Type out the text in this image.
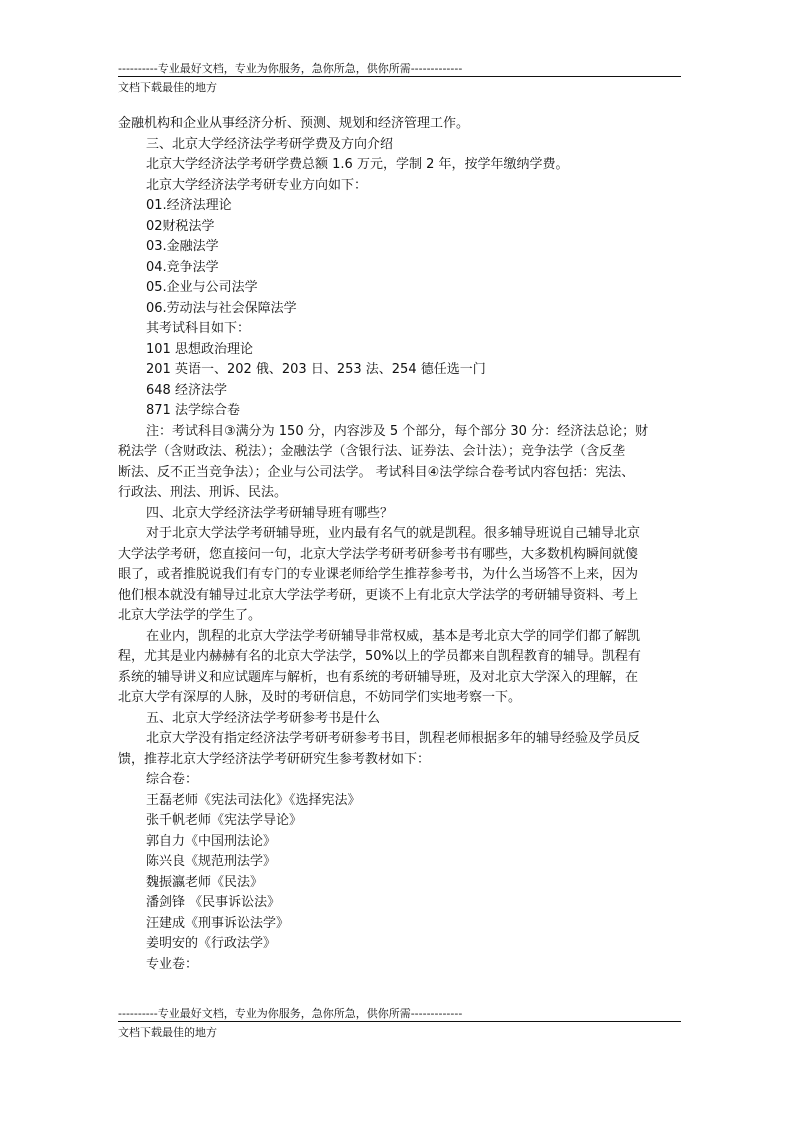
----------专业最好文档，专业为你服务，急你所急，供你所需-------------
文档下载最佳的地方
金融机构和企业从事经济分析、预测、规划和经济管理工作。
三、北京大学经济法学考研学费及方向介绍
北京大学经济法学考研学费总额 1.6 万元，学制 2 年，按学年缴纳学费。
北京大学经济法学考研专业方向如下：
01.经济法理论
02财税法学
03.金融法学
04.竞争法学
05.企业与公司法学
06.劳动法与社会保障法学
其考试科目如下：
101 思想政治理论
201 英语一、202 俄、203 日、253 法、254 德任选一门
648 经济法学
871 法学综合卷
注：考试科目③满分为 150 分，内容涉及 5 个部分，每个部分 30 分：经济法总论；财
税法学（含财政法、税法）；金融法学（含银行法、证券法、会计法）；竞争法学（含反垄
断法、反不正当竞争法）；企业与公司法学。 考试科目④法学综合卷考试内容包括：宪法、
行政法、刑法、刑诉、民法。
四、北京大学经济法学考研辅导班有哪些？
对于北京大学法学考研辅导班，业内最有名气的就是凯程。很多辅导班说自己辅导北京
大学法学考研，您直接问一句，北京大学法学考研考研参考书有哪些，大多数机构瞬间就傻
眼了，或者推脱说我们有专门的专业课老师给学生推荐参考书，为什么当场答不上来，因为
他们根本就没有辅导过北京大学法学考研，更谈不上有北京大学法学的考研辅导资料、考上
北京大学法学的学生了。
在业内，凯程的北京大学法学考研辅导非常权威，基本是考北京大学的同学们都了解凯
程，尤其是业内赫赫有名的北京大学法学，50%以上的学员都来自凯程教育的辅导。凯程有
系统的辅导讲义和应试题库与解析，也有系统的考研辅导班，及对北京大学深入的理解，在
北京大学有深厚的人脉，及时的考研信息，不妨同学们实地考察一下。
五、北京大学经济法学考研参考书是什么
北京大学没有指定经济法学考研考研参考书目，凯程老师根据多年的辅导经验及学员反
馈，推荐北京大学经济法学考研研究生参考教材如下：
综合卷：
王磊老师《宪法司法化》《选择宪法》
张千帆老师《宪法学导论》
郭自力《中国刑法论》
陈兴良《规范刑法学》
魏振瀛老师《民法》
潘剑锋 《民事诉讼法》
汪建成《刑事诉讼法学》
姜明安的《行政法学》
专业卷：
----------专业最好文档，专业为你服务，急你所急，供你所需-------------
文档下载最佳的地方
